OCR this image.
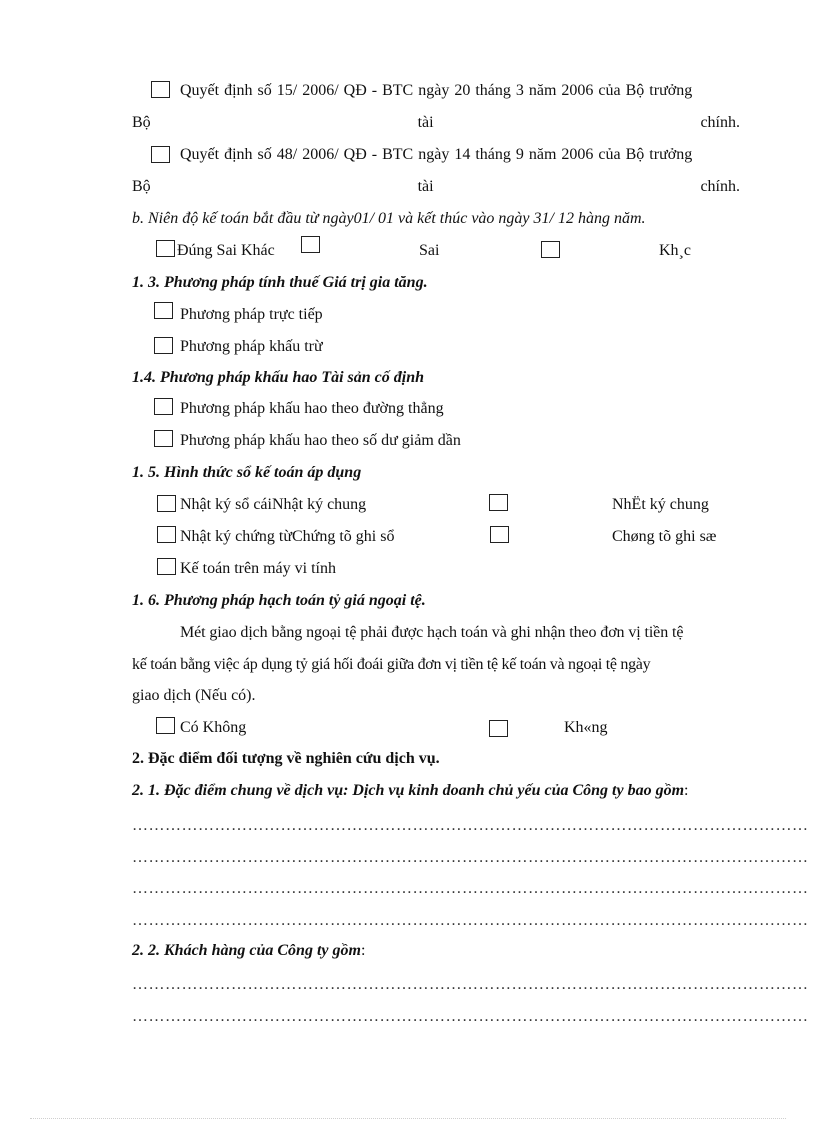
Quyết định số 15/ 2006/ QĐ - BTC ngày 20 tháng 3 năm 2006 của Bộ trưởng
Bộ	tài	chính.
Quyết định số 48/ 2006/ QĐ - BTC ngày 14 tháng 9 năm 2006 của Bộ trưởng
Bộ	tài	chính.
b. Niên độ kế toán bắt đầu từ ngày01/ 01 và kết thúc vào ngày 31/ 12 hàng năm.
Đúng Sai Khác	Sai	Kh¸c
1. 3. Phương pháp tính thuế Giá trị gia tăng.
Phương pháp trực tiếp
Phương pháp khấu trừ
1.4. Phương pháp khấu hao Tài sản cố định
Phương pháp khấu hao theo đường thẳng
Phương pháp khấu hao theo số dư giảm dần
1. 5. Hình thức sổ kế toán áp dụng
Nhật ký sổ cáiNhật ký chung	NhËt ký chung
Nhật ký chứng từChứng tõ ghi sổ	Chøng tõ ghi sæ
Kế toán trên máy vi tính
1. 6. Phương pháp hạch toán tỷ giá ngoại tệ.
Mét giao dịch bằng ngoại tệ phải được hạch toán và ghi nhận theo đơn vị tiền tệ
kế toán bằng việc áp dụng tỷ giá hối đoái giữa đơn vị tiền tệ kế toán và ngoại tệ ngày
giao dịch (Nếu có).
Có Không	Kh«ng
2. Đặc điểm đối tượng về nghiên cứu dịch vụ.
2. 1. Đặc điểm chung về dịch vụ: Dịch vụ kinh doanh chủ yếu của Công ty bao gồm:
……………………………………………………………………………………………………………
……………………………………………………………………………………………………………
……………………………………………………………………………………………………………
……………………………………………………………………………………………………………
2. 2. Khách hàng của Công ty gồm:
……………………………………………………………………………………………………………
……………………………………………………………………………………………………………
